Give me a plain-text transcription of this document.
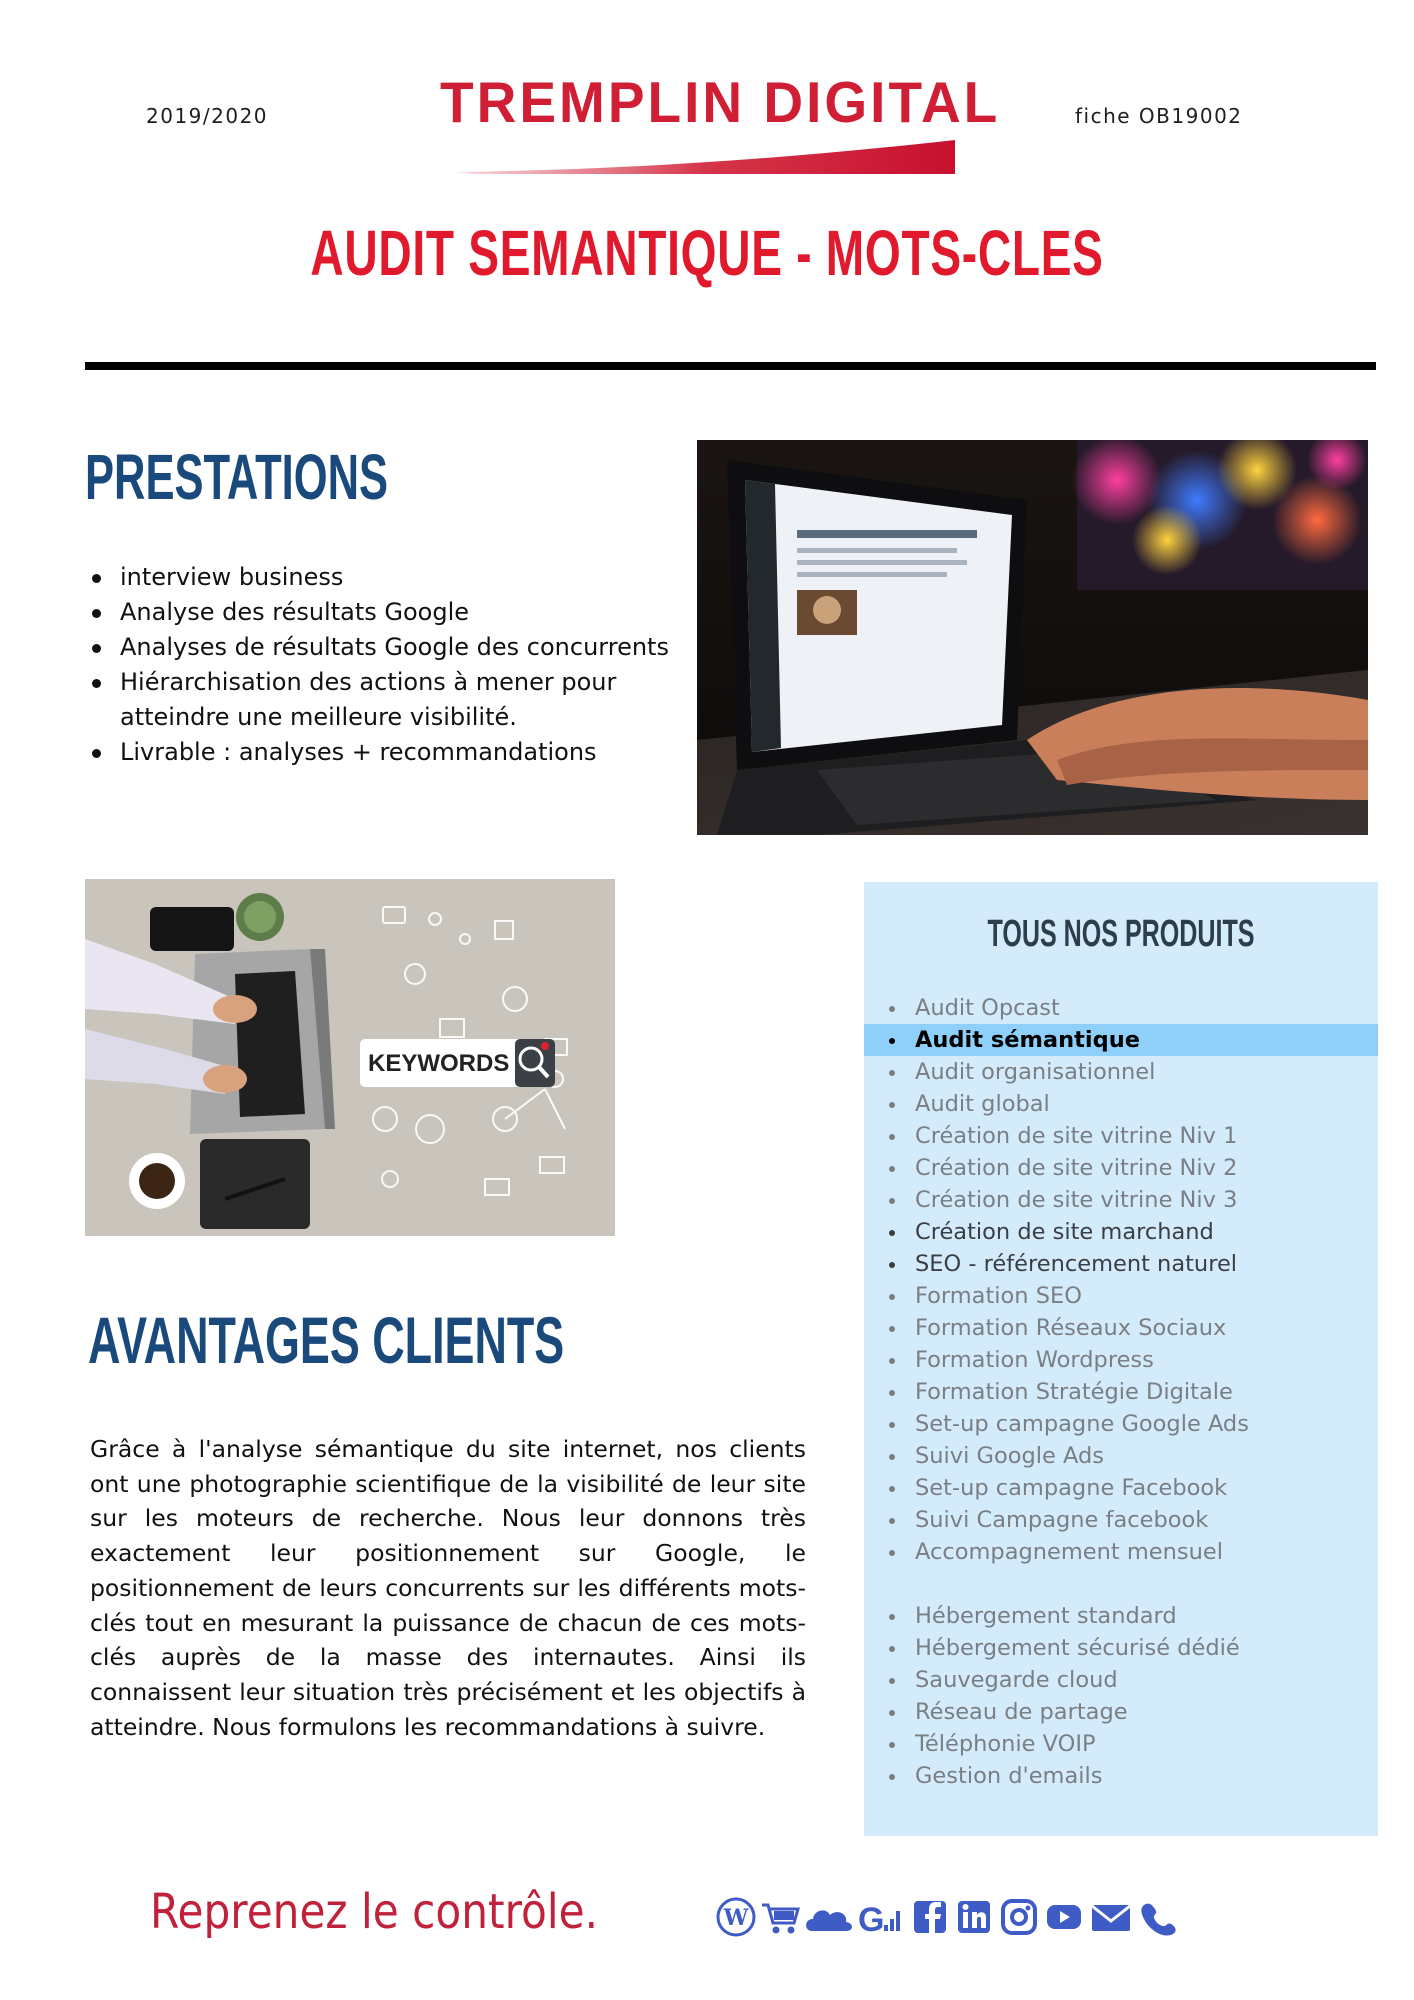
2019/2020	TREMPLIN DIGITAL	fiche OB19002
AUDIT SEMANTIQUE - MOTS-CLES
PRESTATIONS
interview business
Analyse des résultats Google
Analyses de résultats Google des concurrents
Hiérarchisation des actions à mener pour atteindre une meilleure visibilité.
Livrable : analyses + recommandations
KEYWORDS
AVANTAGES CLIENTS

Grâce à l'analyse sémantique du site internet, nos clients ont une photographie scientifique de la visibilité de leur site sur les moteurs de recherche. Nous leur donnons très exactement leur positionnement sur Google, le positionnement de leurs concurrents sur les différents mots-clés tout en mesurant la puissance de chacun de ces mots-clés auprès de la masse des internautes. Ainsi ils connaissent leur situation très précisément et les objectifs à atteindre. Nous formulons les recommandations à suivre.

TOUS NOS PRODUITS
Audit Opcast
Audit sémantique
Audit organisationnel
Audit global
Création de site vitrine Niv 1
Création de site vitrine Niv 2
Création de site vitrine Niv 3
Création de site marchand
SEO - référencement naturel
Formation SEO
Formation Réseaux Sociaux
Formation Wordpress
Formation Stratégie Digitale
Set-up campagne Google Ads
Suivi Google Ads
Set-up campagne Facebook
Suivi Campagne facebook
Accompagnement mensuel
Hébergement standard
Hébergement sécurisé dédié
Sauvegarde cloud
Réseau de partage
Téléphonie VOIP
Gestion d'emails
Reprenez le contrôle.	W	G
